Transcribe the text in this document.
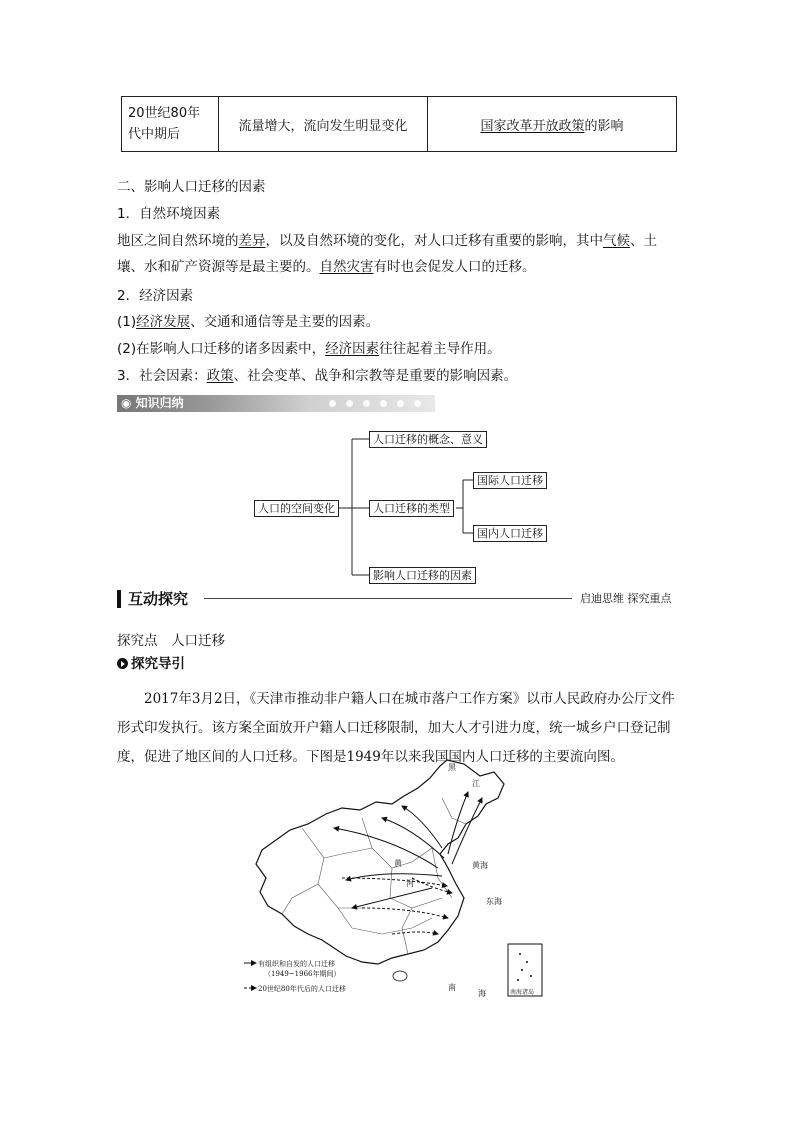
20世纪80年代中期后	流量增大，流向发生明显变化	国家改革开放政策的影响
二、影响人口迁移的因素
1．自然环境因素
地区之间自然环境的差异，以及自然环境的变化，对人口迁移有重要的影响，其中气候、土壤、水和矿产资源等是最主要的。自然灾害有时也会促发人口的迁移。
2．经济因素
(1)经济发展、交通和通信等是主要的因素。
(2)在影响人口迁移的诸多因素中，经济因素往往起着主导作用。
3．社会因素：政策、社会变革、战争和宗教等是重要的影响因素。
◉ 知识归纳
人口的空间变化
人口迁移的概念、意义
人口迁移的类型
国际人口迁移
国内人口迁移
影响人口迁移的因素
互动探究	启迪思维 探究重点
探究点　人口迁移
探究导引
2017年3月2日，《天津市推动非户籍人口在城市落户工作方案》以市人民政府办公厅文件形式印发执行。该方案全面放开户籍人口迁移限制，加大人才引进力度，统一城乡户口登记制度，促进了地区间的人口迁移。下图是1949年以来我国国内人口迁移的主要流向图。
黑
江
河
黄	黄海
东海
南
海	南海诸岛
有组织和自发的人口迁移
（1949~1966年期间）
20世纪80年代后的人口迁移
